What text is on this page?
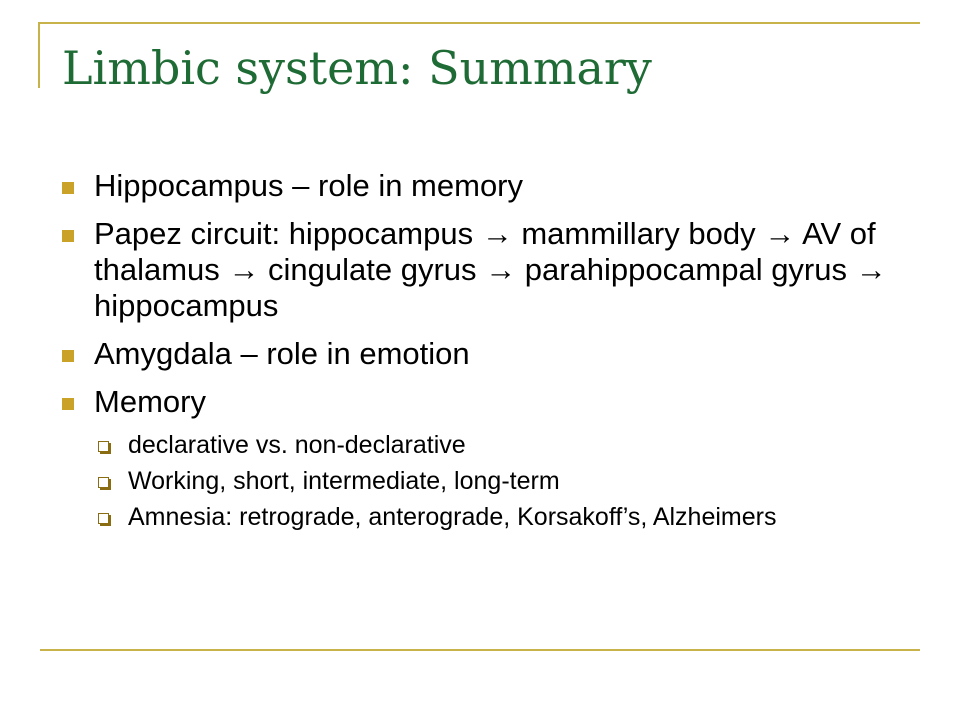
Limbic system: Summary
Hippocampus – role in memory
Papez circuit: hippocampus → mammillary body → AV of thalamus → cingulate gyrus → parahippocampal gyrus → hippocampus
Amygdala – role in emotion
Memory
declarative vs. non-declarative
Working, short, intermediate, long-term
Amnesia: retrograde, anterograde, Korsakoff’s, Alzheimers
